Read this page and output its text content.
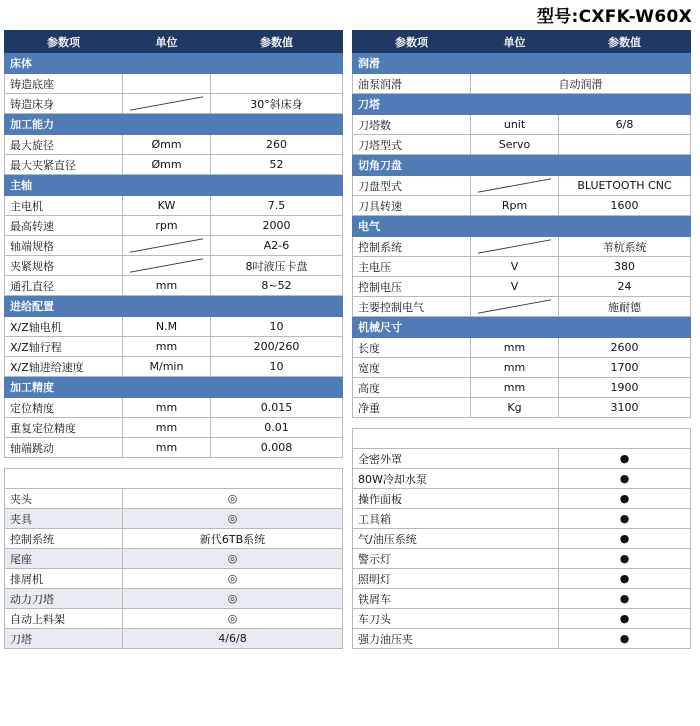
型号:CXFK-W60X
参数项	单位	参数值
床体		
铸造底座		
铸造床身		30°斜床身
加工能力		
最大旋径	Ømm	260
最大夹紧直径	Ømm	52
主轴		
主电机	KW	7.5
最高转速	rpm	2000
轴端规格		A2-6
夹紧规格		8吋液压卡盘
通孔直径	mm	8~52
进给配置		
X/Z轴电机	N.M	10
X/Z轴行程	mm	200/260
X/Z轴进给速度	M/min	10
加工精度		
定位精度	mm	0.015
重复定位精度	mm	0.01
轴端跳动	mm	0.008
选购配备	
夹头	◎
夹具	◎
控制系统	新代6TB系统
尾座	◎
排屑机	◎
动力刀塔	◎
自动上料架	◎
刀塔	4/6/8
参数项	单位	参数值
润滑		
油泵润滑	自动润滑	
刀塔		
刀塔数	unit	6/8
刀塔型式	Servo	
切角刀盘		
刀盘型式		BLUETOOTH CNC
刀具转速	Rpm	1600
电气		
控制系统		苇杭系统
主电压	V	380
控制电压	V	24
主要控制电气		施耐德
机械尺寸		
长度	mm	2600
宽度	mm	1700
高度	mm	1900
净重	Kg	3100
标准配备	
全密外罩	●
80W冷却水泵	●
操作面板	●
工具箱	●
气/油压系统	●
警示灯	●
照明灯	●
铁屑车	●
车刀头	●
强力油压夹	●
